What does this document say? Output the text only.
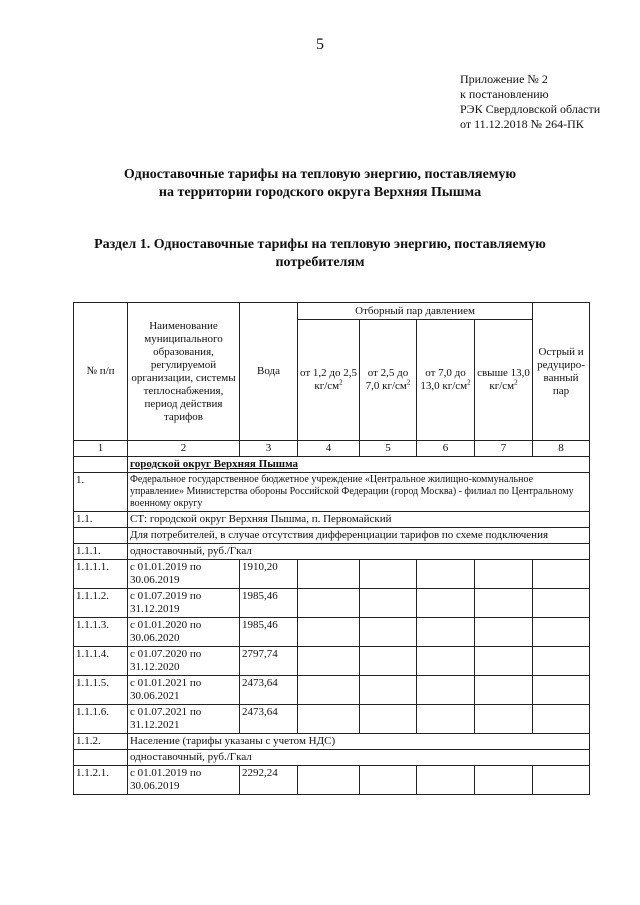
5
Приложение № 2
к постановлению
РЭК Свердловской области
от 11.12.2018 № 264-ПК
Одноставочные тарифы на тепловую энергию, поставляемую
на территории городского округа Верхняя Пышма
Раздел 1. Одноставочные тарифы на тепловую энергию, поставляемую
потребителям
№ п/п	Наименование муниципального образования, регулируемой организации, системы теплоснабжения, период действия тарифов	Вода	Отборный пар давлением				Острый и редуциро-ванный пар
			от 1,2 до 2,5 $кг/см^2$	от 2,5 до 7,0 $кг/см^2$	от 7,0 до 13,0 $кг/см^2$	свыше 13,0 $кг/см^2$
1	2	3	4	5	6	7	8
	городской округ Верхняя Пышма						
1.	Федеральное государственное бюджетное учреждение «Центральное жилищно-коммунальное управление» Министерства обороны Российской Федерации (город Москва) - филиал по Центральному военному округу						
1.1.	СТ: городской округ Верхняя Пышма, п. Первомайский						
	Для потребителей, в случае отсутствия дифференциации тарифов по схеме подключения						
1.1.1.	одноставочный, руб./Гкал						
1.1.1.1.	с 01.01.2019 по 30.06.2019	1910,20					
1.1.1.2.	с 01.07.2019 по 31.12.2019	1985,46					
1.1.1.3.	с 01.01.2020 по 30.06.2020	1985,46					
1.1.1.4.	с 01.07.2020 по 31.12.2020	2797,74					
1.1.1.5.	с 01.01.2021 по 30.06.2021	2473,64					
1.1.1.6.	с 01.07.2021 по 31.12.2021	2473,64					
1.1.2.	Население (тарифы указаны с учетом НДС)						
	одноставочный, руб./Гкал						
1.1.2.1.	с 01.01.2019 по 30.06.2019	2292,24					
